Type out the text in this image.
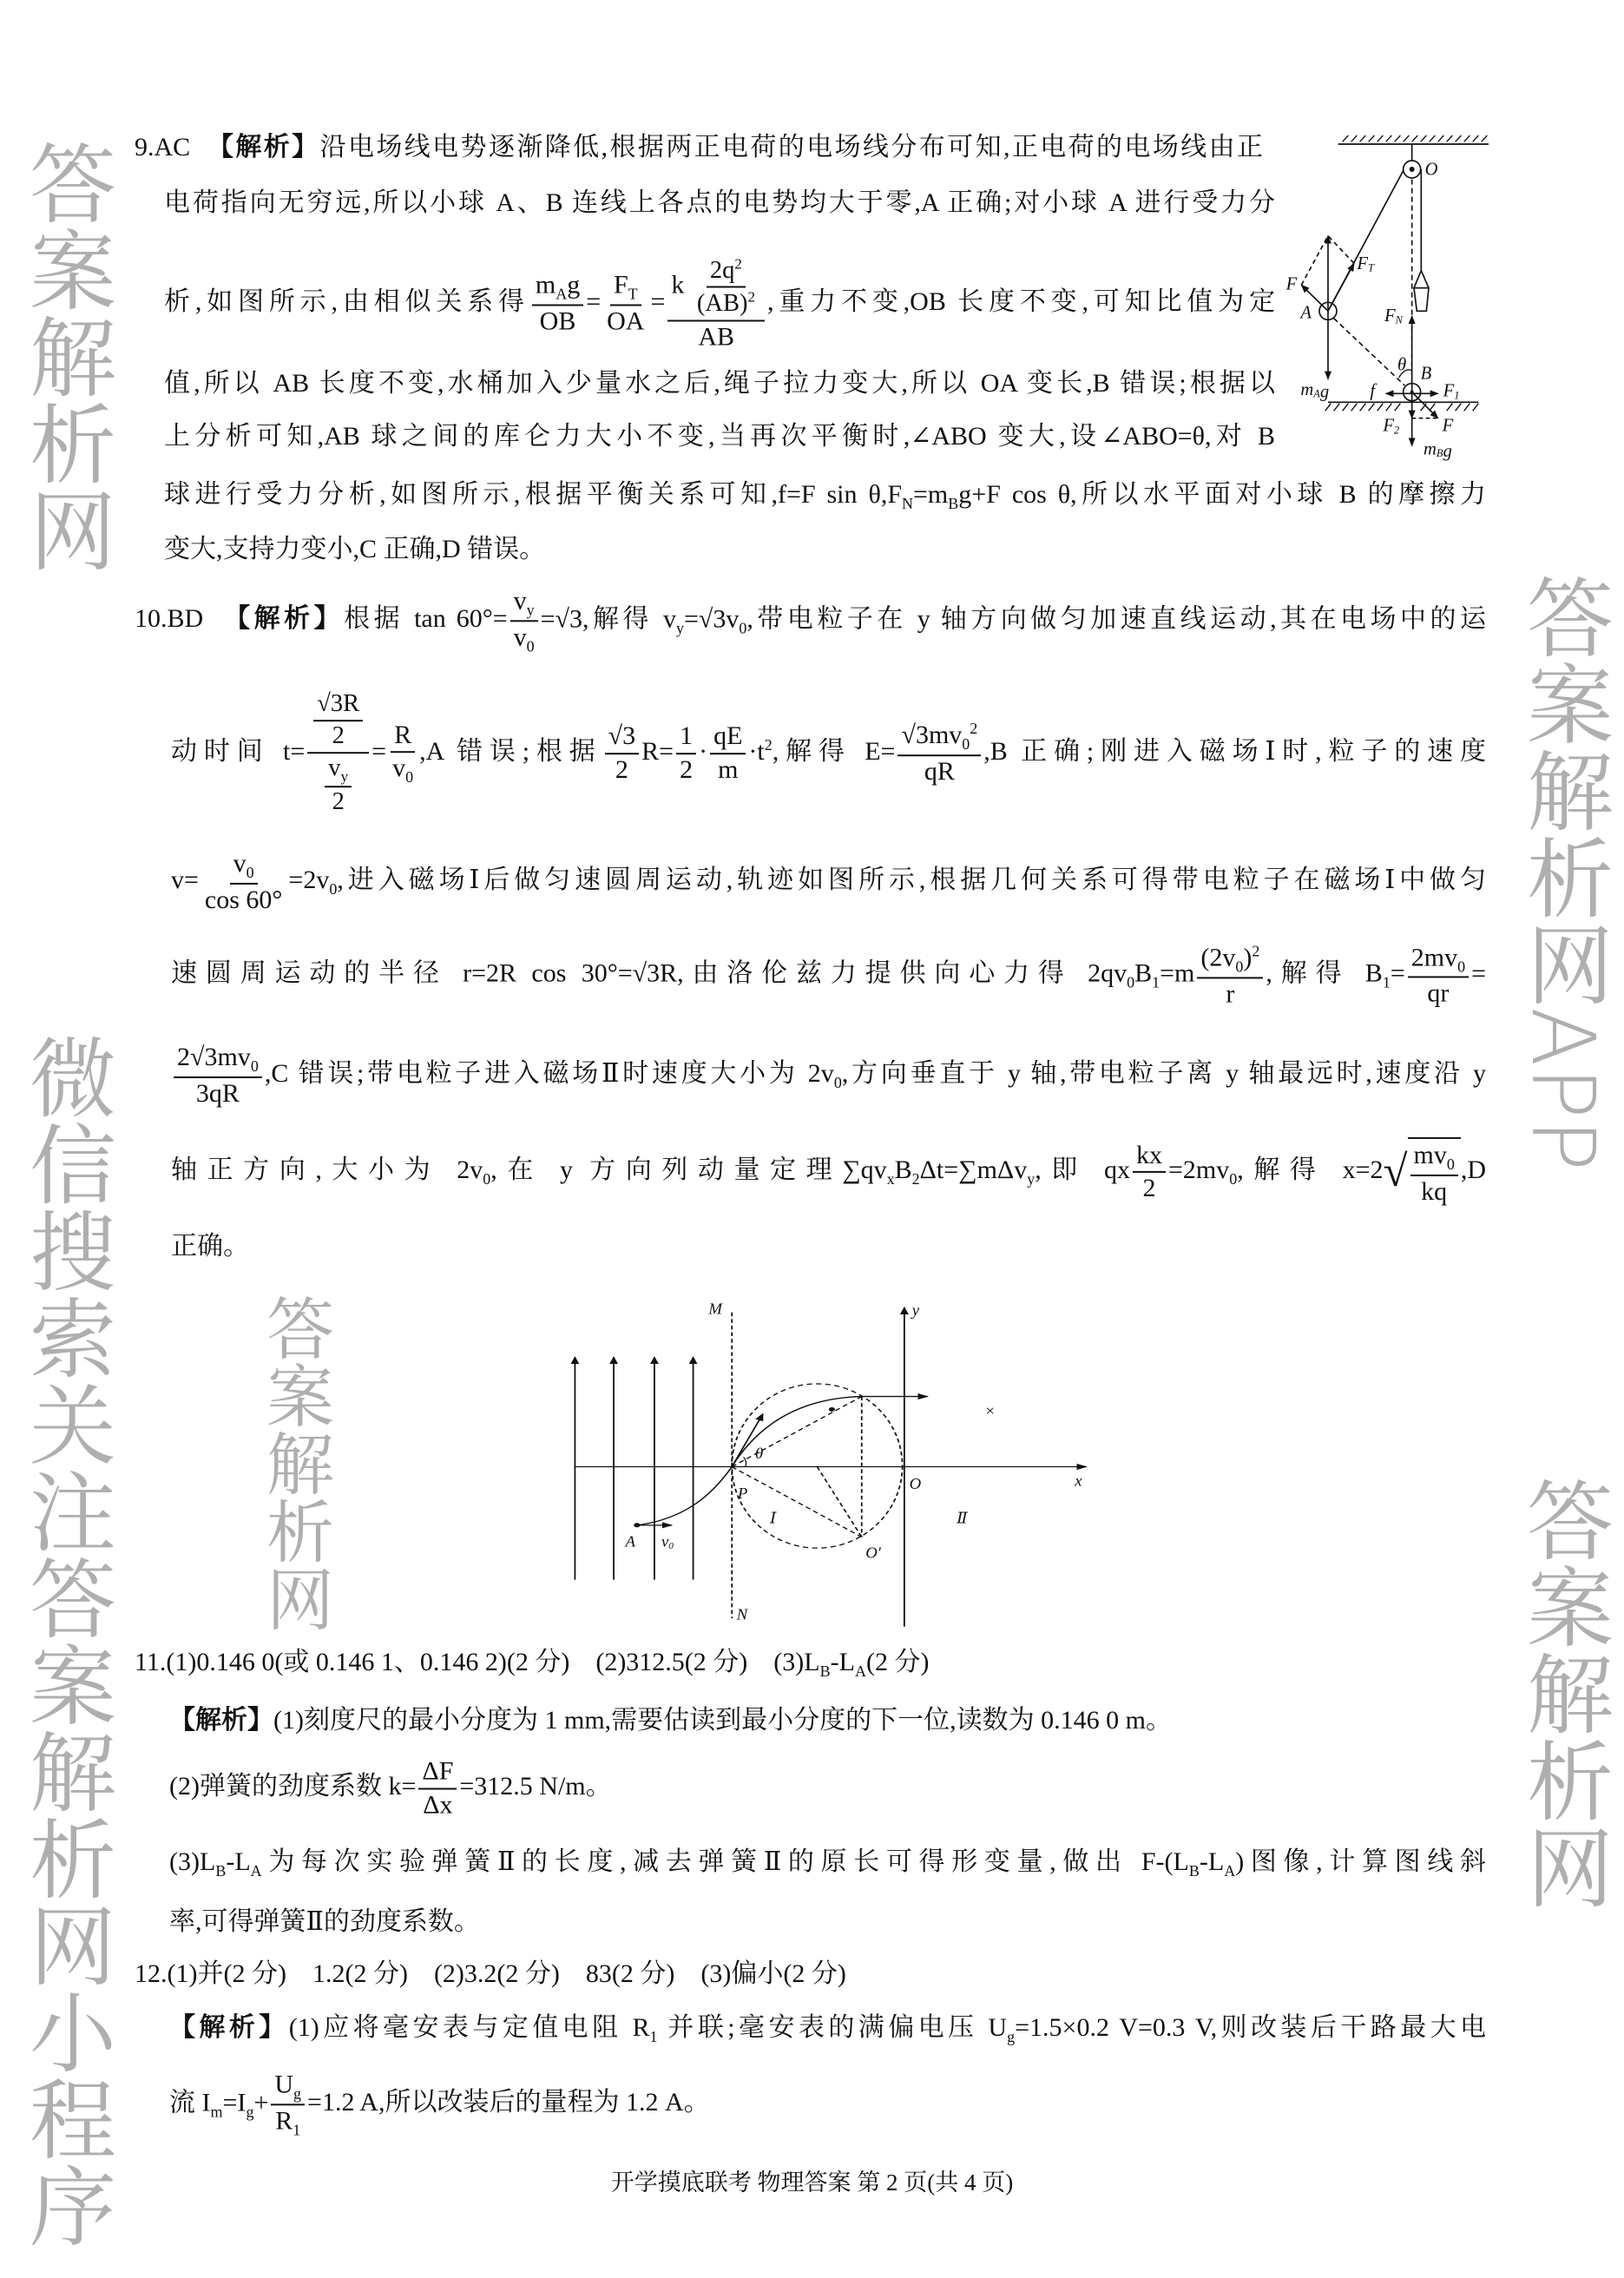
答案解析网
答案解析网APP
答案解析网
微信搜索关注答案解析网小程序	答案解析网
9.AC 【解析】沿电场线电势逐渐降低,根据两正电荷的电场线分布可知,正电荷的电场线由正
电荷指向无穷远,所以小球 A、B 连线上各点的电势均大于零,A 正确;对小球 A 进行受力分
析,如图所示,由相似关系得 $\frac{m_Ag}{OB} = \frac{F_T}{OA} = \frac{k \frac{2q^2}{(AB)^2}}{AB}$ ,重力不变,OB 长度不变,可知比值为定
值,所以 AB 长度不变,水桶加入少量水之后,绳子拉力变大,所以 OA 变长,B 错误;根据以
上分析可知,AB 球之间的库仑力大小不变,当再次平衡时,∠ABO 变大,设∠ABO=θ,对 B
球进行受力分析,如图所示,根据平衡关系可知,f=F $\sin \theta,F_N=m_Bg+F$ cos θ,所以水平面对小球 B 的摩擦力
变大,支持力变小,C 正确,D 错误。
O
FT
F
A FN
θ B
f F1
F2 F
mAg
mBg
10.BD 【解析】根据 $\tan 60^\circ= \frac{v_y}{v_0} =√3$,解得 $v_y=√3v_0$,带电粒子在 y 轴方向做匀加速直线运动,其在电场中的运
动时间 $t= \frac{\frac{√3R}{2}}{\frac{v_y}{2}} = \frac{R}{v_0} ,A$ 错误;根据 $\frac{√3}{2} R= \frac{1}{2} \cdot \frac{qE}{m} \cdot t^2$,解得 $E= \frac{√3mv_0^2}{qR} ,B$ 正确;刚进入磁场Ⅰ时,粒子的速度
$v= \frac{v_0}{\cos 60^\circ} =2v_0$,进入磁场Ⅰ后做匀速圆周运动,轨迹如图所示,根据几何关系可得带电粒子在磁场Ⅰ中做匀
速圆周运动的半径 r=2R cos 30°=√3R,由洛伦兹力提供向心力得 $2qv_0B_1=m \frac{(2v_0)^2}{r}$ ,解得 $B_1= \frac{2mv_0}{qr}$ =
$\frac{2√3mv_0}{3qR} ,C$ 错误;带电粒子进入磁场Ⅱ时速度大小为 $2v_0$,方向垂直于 y 轴,带电粒子离 y 轴最远时,速度沿 y
轴正方向,大小为 $2v_0$,在 y 方向列动量定理$\sum qv_xB_2\Delta t=\sum m\Delta v_y$,即 qx $\frac{kx}{2} =2mv_0$,解得 x=2 √ $\frac{mv_0}{kq} ,D$
正确。
M	y
θ
P
O	x
Ⅰ	Ⅱ
A v0	O′
N
×
11.(1)0.146 0(或 0.146 1、0.146 2)(2 分)　(2)312.5(2 分)　$(3)L_B-L_A(2$ 分)
【解析】(1)刻度尺的最小分度为 1 mm,需要估读到最小分度的下一位,读数为 0.146 0 m。
(2)弹簧的劲度系数 $k= \frac{\Delta F}{\Delta x} =312.5$ N/m。
$(3)L_B-L_A$为每次实验弹簧Ⅱ的长度,减去弹簧Ⅱ的原长可得形变量,做出 $F-(L_B-L_A)$图像,计算图线斜
率,可得弹簧Ⅱ的劲度系数。
12.(1)并(2 分)　1.2(2 分)　(2)3.2(2 分)　83(2 分)　(3)偏小(2 分)
【解析】(1)应将毫安表与定值电阻 $R_1$ 并联;毫安表的满偏电压 $U_g=1.5\times 0.2$ V=0.3 V,则改装后干路最大电
流 $I_m=I_g+ \frac{U_g}{R_1} =1.2$ A,所以改装后的量程为 1.2 A。
开学摸底联考 物理答案 第 2 页(共 4 页)
